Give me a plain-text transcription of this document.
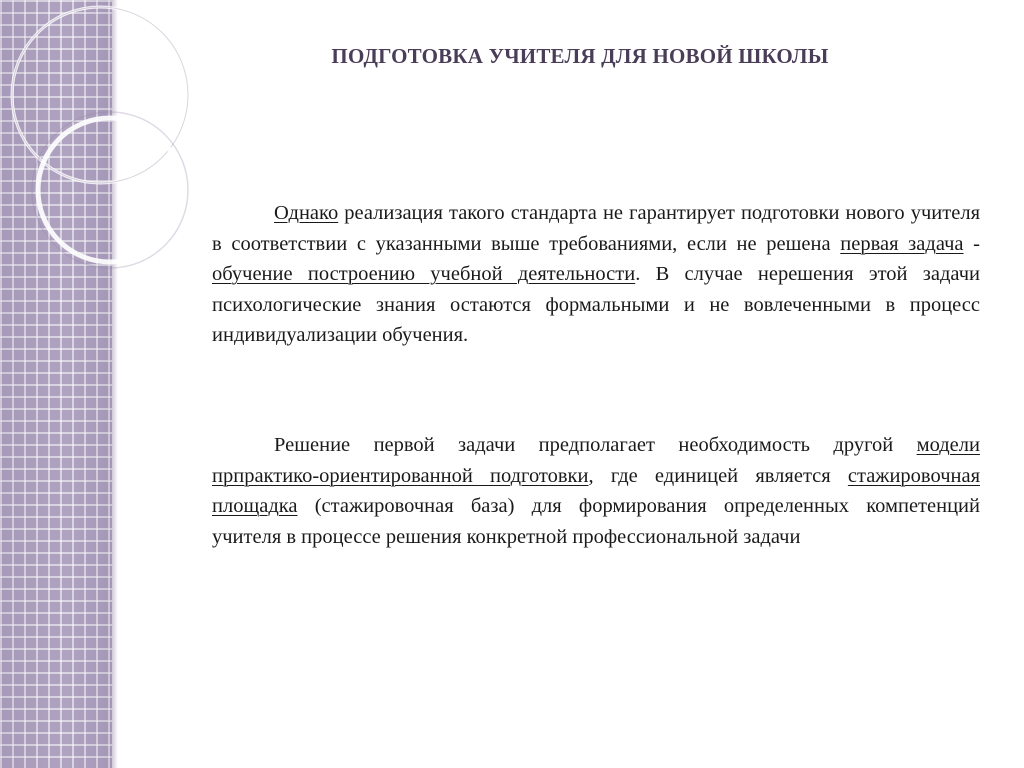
ПОДГОТОВКА УЧИТЕЛЯ ДЛЯ НОВОЙ ШКОЛЫ

Однако реализация такого стандарта не гарантирует подготовки нового учителя в соответствии с указанными выше требованиями, если не решена первая задача - обучение построению учебной деятельности. В случае нерешения этой задачи психологические знания остаются формальными и не вовлеченными в процесс индивидуализации обучения.

Решение первой задачи предполагает необходимость другой модели прпрактико-ориентированной подготовки, где единицей является стажировочная площадка (стажировочная база) для формирования определенных компетенций учителя в процессе решения конкретной профессиональной задачи
